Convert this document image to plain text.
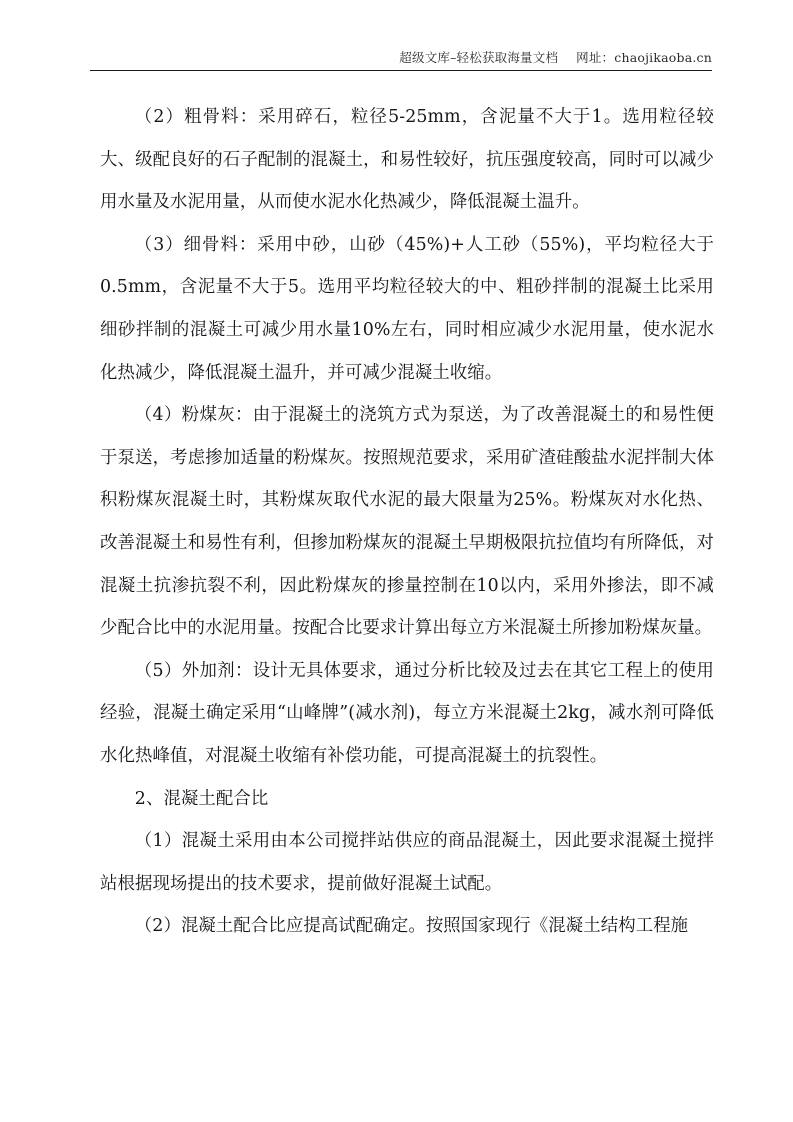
超级文库–轻松获取海量文档 网址：chaojikaoba.cn

（2）粗骨料：采用碎石，粒径5-25mm，含泥量不大于1。选用粒径较大、级配良好的石子配制的混凝土，和易性较好，抗压强度较高，同时可以减少用水量及水泥用量，从而使水泥水化热减少，降低混凝土温升。

（3）细骨料：采用中砂，山砂（45%)+人工砂（55%)，平均粒径大于0.5mm，含泥量不大于5。选用平均粒径较大的中、粗砂拌制的混凝土比采用细砂拌制的混凝土可减少用水量10%左右，同时相应减少水泥用量，使水泥水化热减少，降低混凝土温升，并可减少混凝土收缩。

（4）粉煤灰：由于混凝土的浇筑方式为泵送，为了改善混凝土的和易性便于泵送，考虑掺加适量的粉煤灰。按照规范要求，采用矿渣硅酸盐水泥拌制大体积粉煤灰混凝土时，其粉煤灰取代水泥的最大限量为25%。粉煤灰对水化热、改善混凝土和易性有利，但掺加粉煤灰的混凝土早期极限抗拉值均有所降低，对混凝土抗渗抗裂不利，因此粉煤灰的掺量控制在10以内，采用外掺法，即不减少配合比中的水泥用量。按配合比要求计算出每立方米混凝土所掺加粉煤灰量。

（5）外加剂：设计无具体要求，通过分析比较及过去在其它工程上的使用经验，混凝土确定采用“山峰牌”(减水剂)，每立方米混凝土2kg，减水剂可降低水化热峰值，对混凝土收缩有补偿功能，可提高混凝土的抗裂性。

2、混凝土配合比

（1）混凝土采用由本公司搅拌站供应的商品混凝土，因此要求混凝土搅拌站根据现场提出的技术要求，提前做好混凝土试配。

（2）混凝土配合比应提高试配确定。按照国家现行《混凝土结构工程施
